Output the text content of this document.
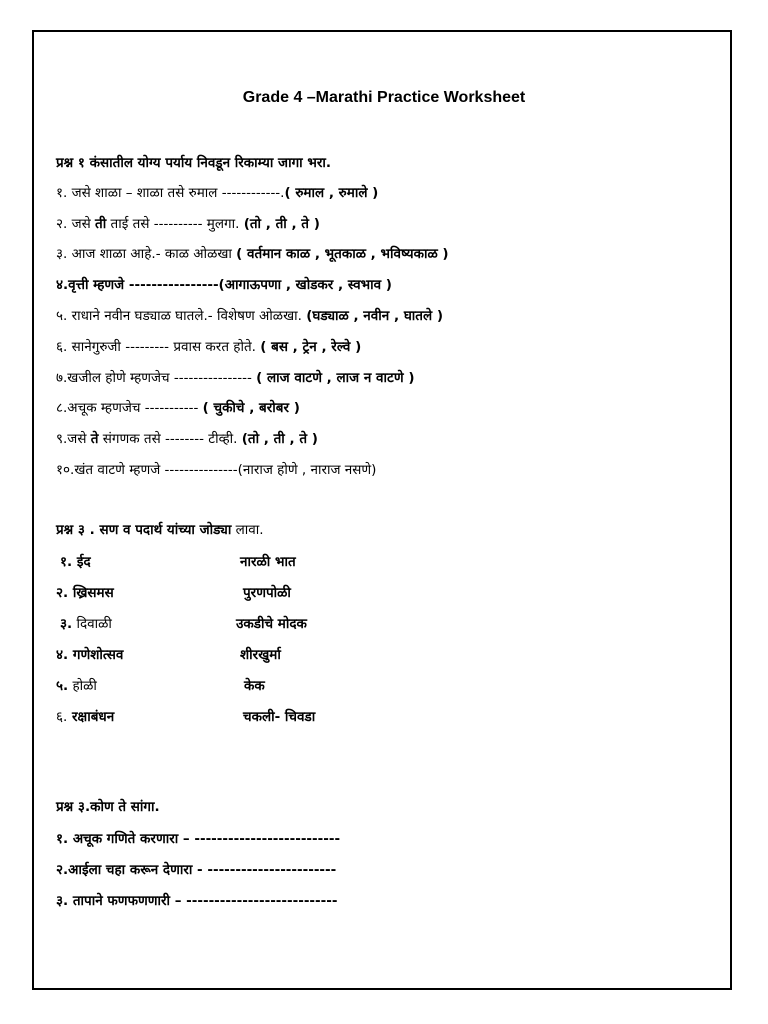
Grade 4 –Marathi Practice Worksheet
प्रश्न १ कंसातील योग्य पर्याय निवडून रिकाम्या जागा भरा.
१. जसे शाळा – शाळा तसे रुमाल ------------.( रुमाल , रुमाले )
२. जसे ती ताई तसे ---------- मुलगा. (तो , ती , ते )
३. आज शाळा आहे.- काळ ओळखा ( वर्तमान काळ , भूतकाळ , भविष्यकाळ )
४.वृत्ती म्हणजे ----------------(आगाऊपणा , खोडकर , स्वभाव )
५. राधाने नवीन घड्याळ घातले.- विशेषण ओळखा. (घड्याळ , नवीन , घातले )
६. सानेगुरुजी --------- प्रवास करत होते. ( बस , ट्रेन , रेल्वे )
७.खजील होणे म्हणजेच ---------------- ( लाज वाटणे , लाज न वाटणे )
८.अचूक म्हणजेच ----------- ( चुकीचे , बरोबर )
९.जसे ते संगणक तसे -------- टीव्ही. (तो , ती , ते )
१०.खंत वाटणे म्हणजे ---------------(नाराज होणे , नाराज नसणे)
प्रश्न ३ . सण व पदार्थ यांच्या जोड्या लावा.
१. ईद	नारळी भात
२. ख्रिसमस	पुरणपोळी
३. दिवाळी	उकडीचे मोदक
४. गणेशोत्सव	शीरखुर्मा
५. होळी	केक
६. रक्षाबंधन	चकली- चिवडा
प्रश्न ३.कोण ते सांगा.
१. अचूक गणिते करणारा – --------------------------
२.आईला चहा करून देणारा - -----------------------
३. तापाने फणफणणारी – ---------------------------
